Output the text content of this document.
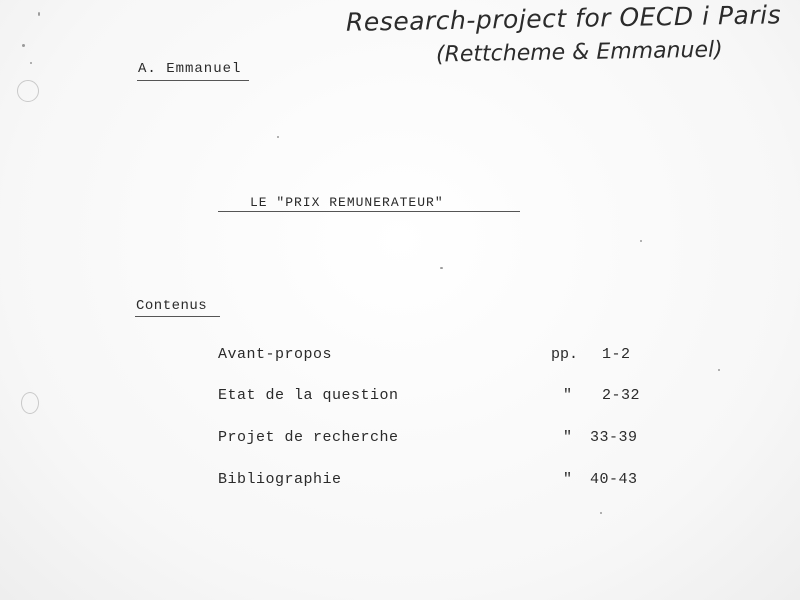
Research-project for OECD i Paris
(Rettcheme & Emmanuel)
A. Emmanuel
LE "PRIX REMUNERATEUR"
Contenus
Avant-propos	pp. 1-2
Etat de la question	" 2-32
Projet de recherche	" 33-39
Bibliographie	" 40-43
